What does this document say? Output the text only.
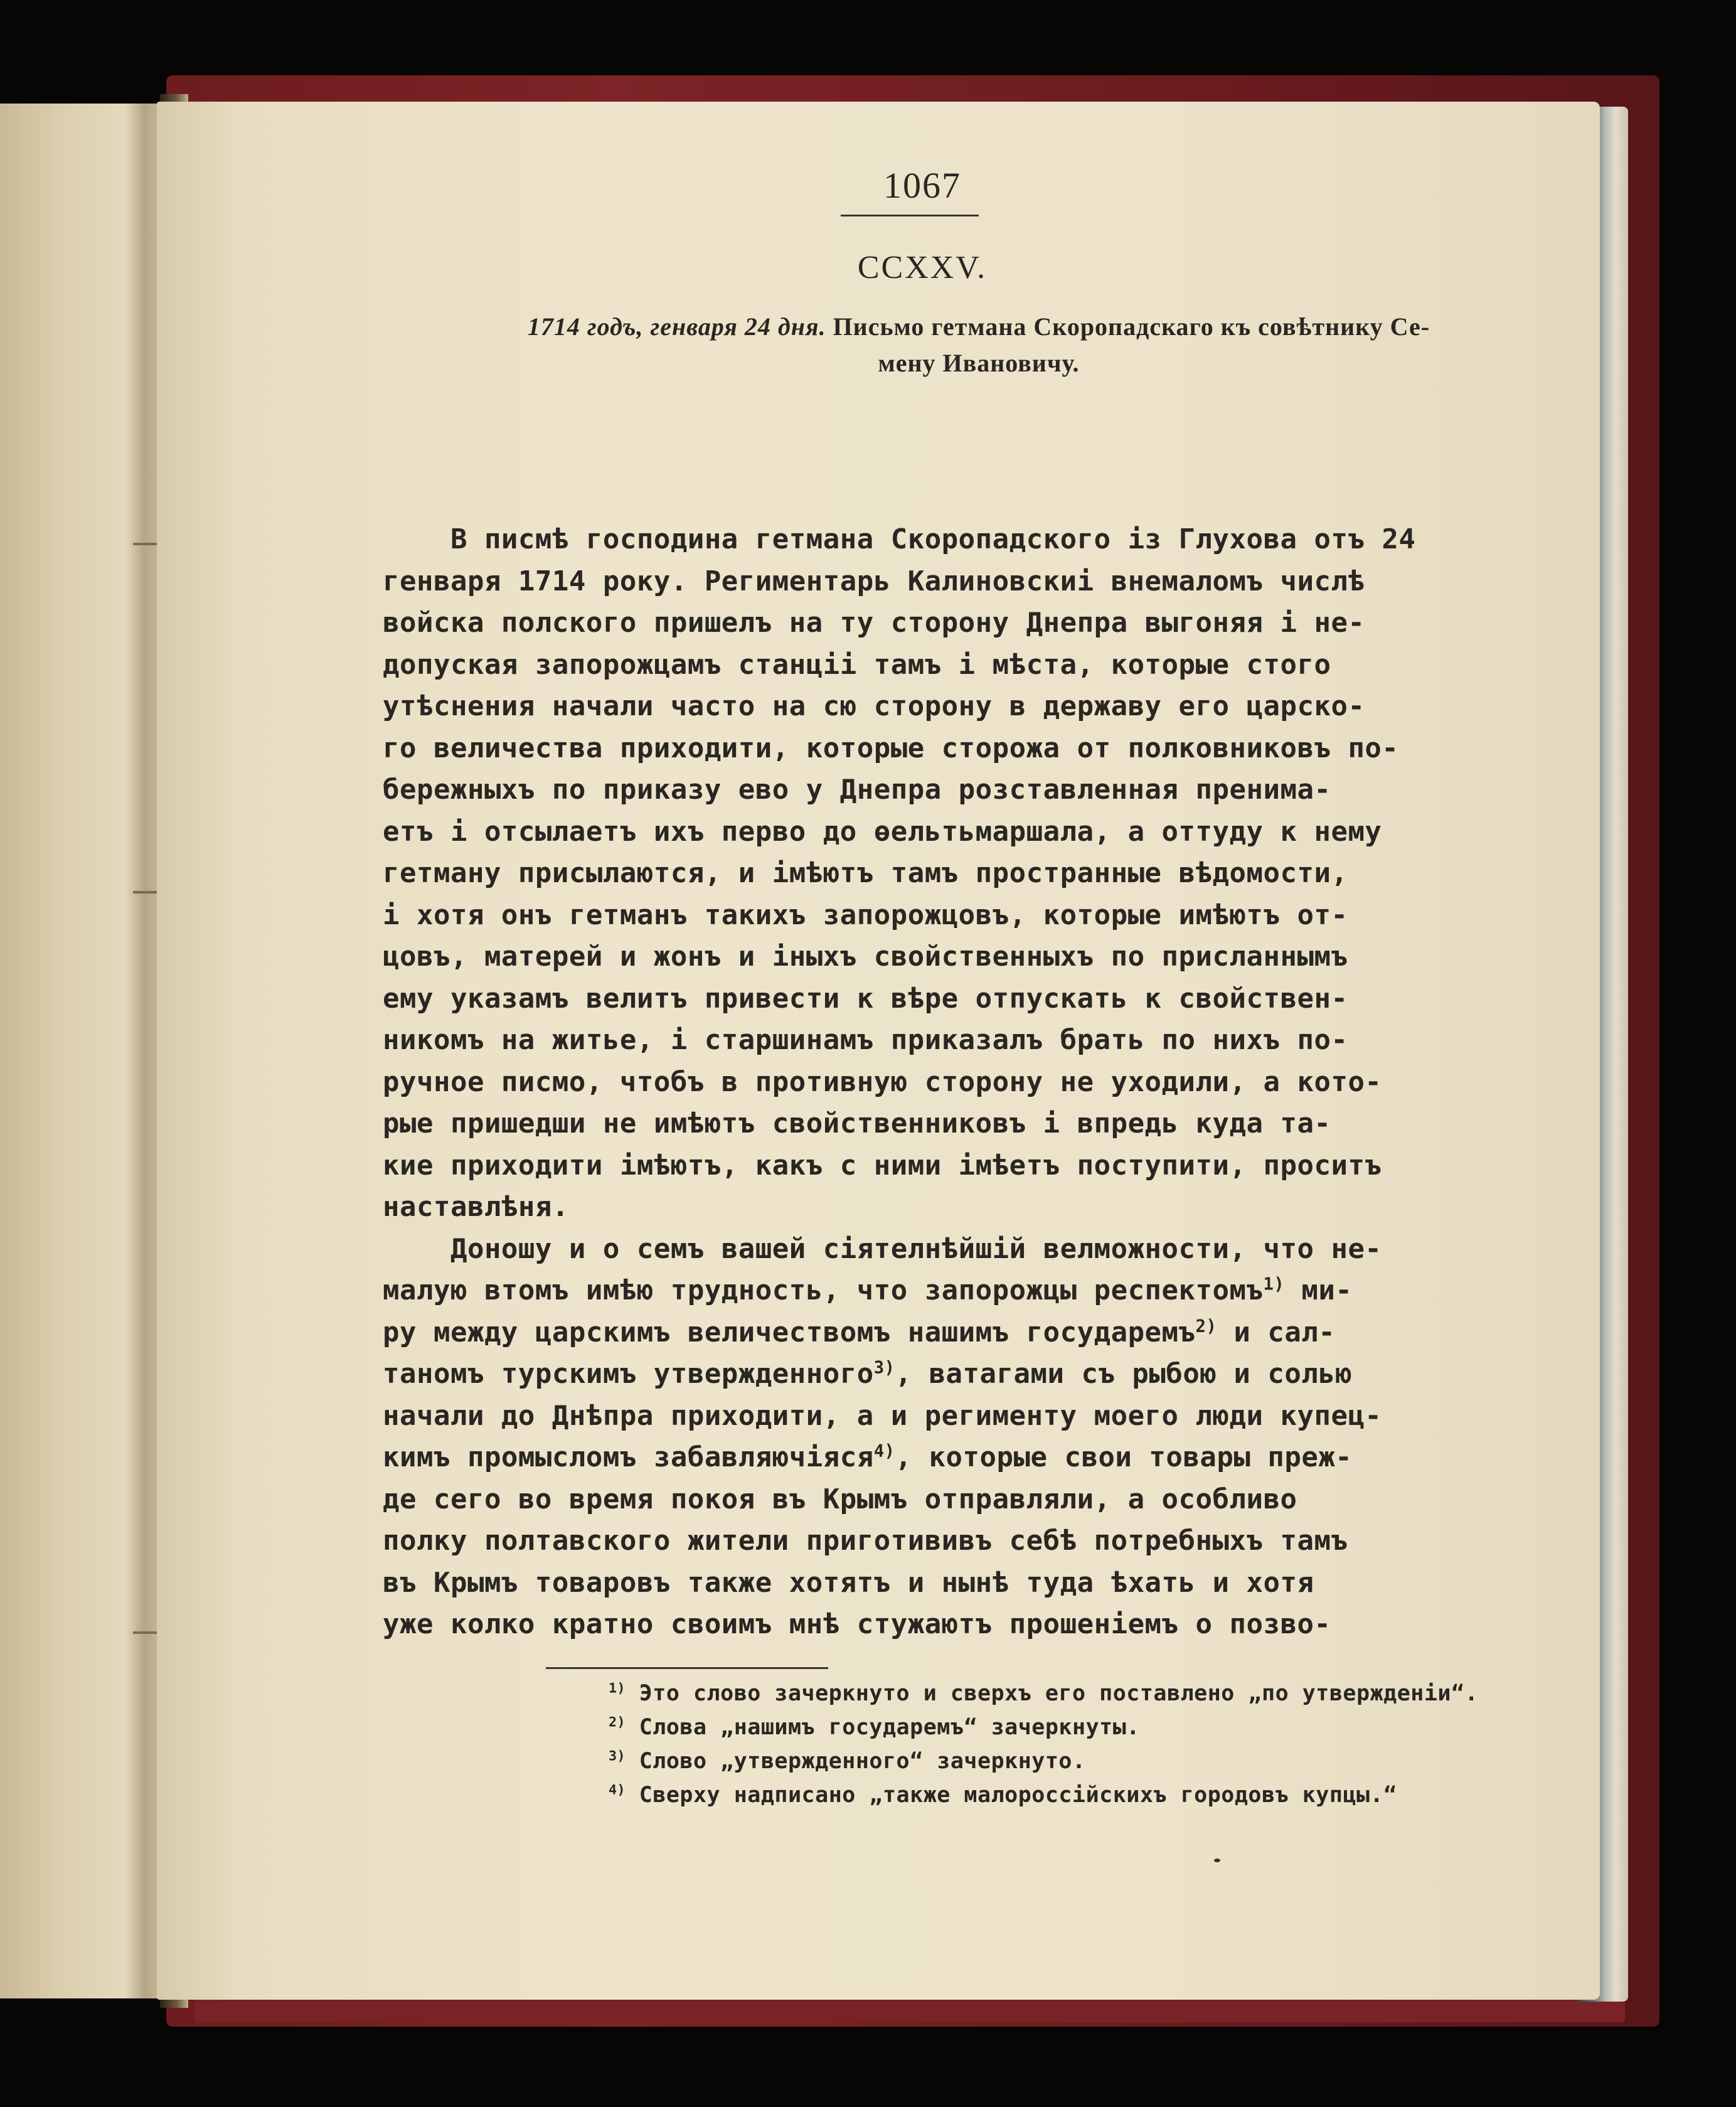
1067
CCXXV.
1714 годъ, генваря 24 дня. Письмо гетмана Скоропадскаго къ совѣтнику Се-
мену Ивановичу.
В писмѣ господина гетмана Скоропадского із Глухова отъ 24
генваря 1714 року. Региментарь Калиновскиі внемаломъ числѣ
войска полского пришелъ на ту сторону Днепра выгоняя і не-
допуская запорожцамъ станціі тамъ і мѣста, которые стого
утѣснения начали часто на сю сторону в державу его царско-
го величества приходити, которые сторожа от полковниковъ по-
бережныхъ по приказу ево у Днепра розставленная пренима-
етъ і отсылаетъ ихъ перво до ѳельтьмаршала, а оттуду к нему
гетману присылаются, и імѣютъ тамъ пространные вѣдомости,
і хотя онъ гетманъ такихъ запорожцовъ, которые имѣютъ от-
цовъ, матерей и жонъ и іныхъ свойственныхъ по присланнымъ
ему указамъ велитъ привести к вѣре отпускать к свойствен-
никомъ на житье, і старшинамъ приказалъ брать по нихъ по-
ручное писмо, чтобъ в противную сторону не уходили, а кото-
рые пришедши не имѣютъ свойственниковъ і впредь куда та-
кие приходити імѣютъ, какъ с ними імѣетъ поступити, проситъ
наставлѣня.
Доношу и о семъ вашей сіятелнѣйшій велможности, что не-
малую втомъ имѣю трудность, что запорожцы респектомъ$^{1)}$ ми-
ру между царскимъ величествомъ нашимъ государемъ$^{2)}$ и сал-
таномъ турскимъ утвержденного$^{3)}$, ватагами съ рыбою и солью
начали до Днѣпра приходити, а и региментy моего люди купец-
кимъ промысломъ забавляючіяся$^{4)}$, которые свои товары преж-
де сего во время покоя въ Крымъ отправляли, а особливо
полку полтавского жители приготививъ себѣ потребныхъ тамъ
въ Крымъ товаровъ также хотятъ и нынѣ туда ѣхать и хотя
уже колко кратно своимъ мнѣ стужаютъ прошеніемъ о позво-
$^{1)}$ Это слово зачеркнуто и сверхъ его поставлено „по утвержденіи“.
$^{2)}$ Слова „нашимъ государемъ“ зачеркнуты.
$^{3)}$ Слово „утвержденного“ зачеркнуто.
$^{4)}$ Сверху надписано „также малороссійскихъ городовъ купцы.“
